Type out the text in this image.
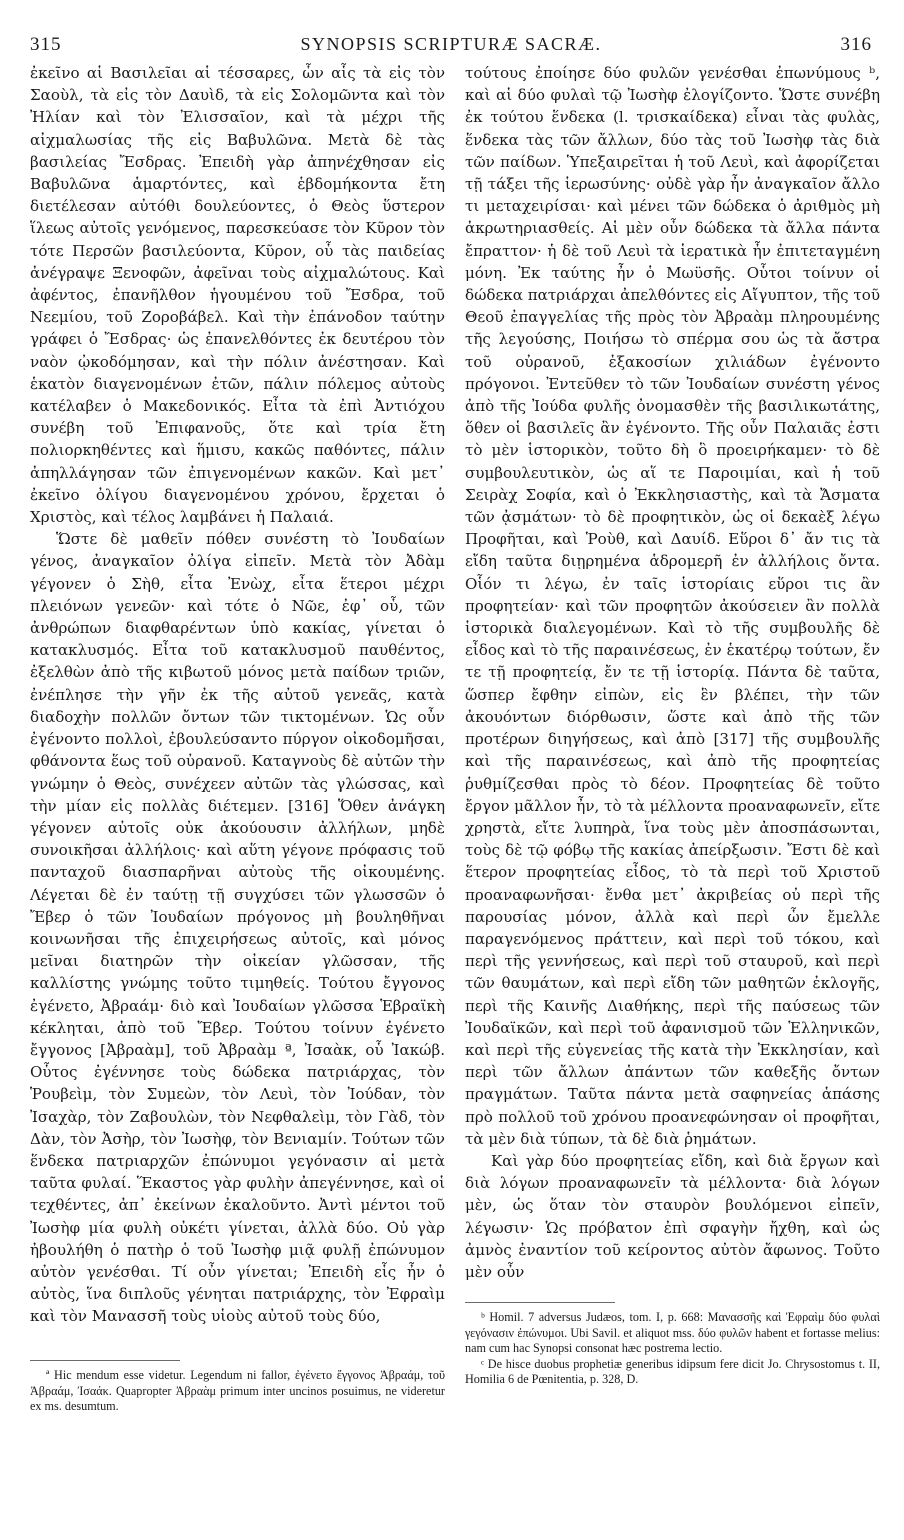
315	SYNOPSIS SCRIPTURÆ SACRÆ.	316

ἐκεῖνο αἱ Βασιλεῖαι αἱ τέσσαρες, ὧν αἷς τὰ εἰς τὸν Σαοὺλ, τὰ εἰς τὸν Δαυὶδ, τὰ εἰς Σολομῶντα καὶ τὸν Ἠλίαν καὶ τὸν Ἐλισσαῖον, καὶ τὰ μέχρι τῆς αἰχμαλωσίας τῆς εἰς Βαβυλῶνα. Μετὰ δὲ τὰς βασιλείας Ἔσδρας. Ἐπειδὴ γὰρ ἀπηνέχθησαν εἰς Βαβυλῶνα ἁμαρτόντες, καὶ ἑβδομήκοντα ἔτη διετέλεσαν αὐτόθι δουλεύοντες, ὁ Θεὸς ὕστερον ἵλεως αὐτοῖς γενόμενος, παρεσκεύασε τὸν Κῦρον τὸν τότε Περσῶν βασιλεύοντα, Κῦρον, οὗ τὰς παιδείας ἀνέγραψε Ξενοφῶν, ἀφεῖναι τοὺς αἰχμαλώτους. Καὶ ἀφέντος, ἐπανῆλθον ἡγουμένου τοῦ Ἔσδρα, τοῦ Νεεμίου, τοῦ Ζοροβάβελ. Καὶ τὴν ἐπάνοδον ταύτην γράφει ὁ Ἔσδρας· ὡς ἐπανελθόντες ἐκ δευτέρου τὸν ναὸν ᾠκοδόμησαν, καὶ τὴν πόλιν ἀνέστησαν. Καὶ ἑκατὸν διαγενομένων ἐτῶν, πάλιν πόλεμος αὐτοὺς κατέλαβεν ὁ Μακεδονικός. Εἶτα τὰ ἐπὶ Ἀντιόχου συνέβη τοῦ Ἐπιφανοῦς, ὅτε καὶ τρία ἔτη πολιορκηθέντες καὶ ἥμισυ, κακῶς παθόντες, πάλιν ἀπηλλάγησαν τῶν ἐπιγενομένων κακῶν. Καὶ μετ᾽ ἐκεῖνο ὀλίγου διαγενομένου χρόνου, ἔρχεται ὁ Χριστὸς, καὶ τέλος λαμβάνει ἡ Παλαιά.

Ὥστε δὲ μαθεῖν πόθεν συνέστη τὸ Ἰουδαίων γένος, ἀναγκαῖον ὀλίγα εἰπεῖν. Μετὰ τὸν Ἀδὰμ γέγονεν ὁ Σὴθ, εἶτα Ἐνὼχ, εἶτα ἕτεροι μέχρι πλειόνων γενεῶν· καὶ τότε ὁ Νῶε, ἐφ᾽ οὗ, τῶν ἀνθρώπων διαφθαρέντων ὑπὸ κακίας, γίνεται ὁ κατακλυσμός. Εἶτα τοῦ κατακλυσμοῦ παυθέντος, ἐξελθὼν ἀπὸ τῆς κιβωτοῦ μόνος μετὰ παίδων τριῶν, ἐνέπλησε τὴν γῆν ἐκ τῆς αὐτοῦ γενεᾶς, κατὰ διαδοχὴν πολλῶν ὄντων τῶν τικτομένων. Ὡς οὖν ἐγένοντο πολλοὶ, ἐβουλεύσαντο πύργον οἰκοδομῆσαι, φθάνοντα ἕως τοῦ οὐρανοῦ. Καταγνοὺς δὲ αὐτῶν τὴν γνώμην ὁ Θεὸς, συνέχεεν αὐτῶν τὰς γλώσσας, καὶ τὴν μίαν εἰς πολλὰς διέτεμεν. [316] Ὅθεν ἀνάγκη γέγονεν αὐτοῖς οὐκ ἀκούουσιν ἀλλήλων, μηδὲ συνοικῆσαι ἀλλήλοις· καὶ αὕτη γέγονε πρόφασις τοῦ πανταχοῦ διασπαρῆναι αὐτοὺς τῆς οἰκουμένης. Λέγεται δὲ ἐν ταύτῃ τῇ συγχύσει τῶν γλωσσῶν ὁ Ἔβερ ὁ τῶν Ἰουδαίων πρόγονος μὴ βουληθῆναι κοινωνῆσαι τῆς ἐπιχειρήσεως αὐτοῖς, καὶ μόνος μεῖναι διατηρῶν τὴν οἰκείαν γλῶσσαν, τῆς καλλίστης γνώμης τοῦτο τιμηθείς. Τούτου ἔγγονος ἐγένετο, Ἀβραάμ· διὸ καὶ Ἰουδαίων γλῶσσα Ἑβραϊκὴ κέκληται, ἀπὸ τοῦ Ἔβερ. Τούτου τοίνυν ἐγένετο ἔγγονος [Ἀβραὰμ], τοῦ Ἀβραὰμ ª, Ἰσαὰκ, οὗ Ἰακώβ. Οὗτος ἐγέννησε τοὺς δώδεκα πατριάρχας, τὸν Ῥουβεὶμ, τὸν Συμεὼν, τὸν Λευὶ, τὸν Ἰούδαν, τὸν Ἰσαχὰρ, τὸν Ζαβουλὼν, τὸν Νεφθαλεὶμ, τὸν Γὰδ, τὸν Δὰν, τὸν Ἀσὴρ, τὸν Ἰωσὴφ, τὸν Βενιαμίν. Τούτων τῶν ἕνδεκα πατριαρχῶν ἐπώνυμοι γεγόνασιν αἱ μετὰ ταῦτα φυλαί. Ἕκαστος γὰρ φυλὴν ἀπεγέννησε, καὶ οἱ τεχθέντες, ἀπ᾽ ἐκείνων ἐκαλοῦντο. Ἀντὶ μέντοι τοῦ Ἰωσὴφ μία φυλὴ οὐκέτι γίνεται, ἀλλὰ δύο. Οὐ γὰρ ἠβουλήθη ὁ πατὴρ ὁ τοῦ Ἰωσὴφ μιᾷ φυλῇ ἐπώνυμον αὐτὸν γενέσθαι. Τί οὖν γίνεται; Ἐπειδὴ εἷς ἦν ὁ αὐτὸς, ἵνα διπλοῦς γένηται πατριάρχης, τὸν Ἐφραὶμ καὶ τὸν Μανασσῆ τοὺς υἱοὺς αὐτοῦ τοὺς δύο,

τούτους ἐποίησε δύο φυλῶν γενέσθαι ἐπωνύμους ᵇ, καὶ αἱ δύο φυλαὶ τῷ Ἰωσὴφ ἐλογίζοντο. Ὥστε συνέβη ἐκ τούτου ἕνδεκα (l. τρισκαίδεκα) εἶναι τὰς φυλὰς, ἕνδεκα τὰς τῶν ἄλλων, δύο τὰς τοῦ Ἰωσὴφ τὰς διὰ τῶν παίδων. Ὑπεξαιρεῖται ἡ τοῦ Λευὶ, καὶ ἀφορίζεται τῇ τάξει τῆς ἱερωσύνης· οὐδὲ γὰρ ἦν ἀναγκαῖον ἄλλο τι μεταχειρίσαι· καὶ μένει τῶν δώδεκα ὁ ἀριθμὸς μὴ ἀκρωτηριασθείς. Αἱ μὲν οὖν δώδεκα τὰ ἄλλα πάντα ἔπραττον· ἡ δὲ τοῦ Λευὶ τὰ ἱερατικὰ ἦν ἐπιτεταγμένη μόνη. Ἐκ ταύτης ἦν ὁ Μωϋσῆς. Οὗτοι τοίνυν οἱ δώδεκα πατριάρχαι ἀπελθόντες εἰς Αἴγυπτον, τῆς τοῦ Θεοῦ ἐπαγγελίας τῆς πρὸς τὸν Ἀβραὰμ πληρουμένης τῆς λεγούσης, Ποιήσω τὸ σπέρμα σου ὡς τὰ ἄστρα τοῦ οὐρανοῦ, ἑξακοσίων χιλιάδων ἐγένοντο πρόγονοι. Ἐντεῦθεν τὸ τῶν Ἰουδαίων συνέστη γένος ἀπὸ τῆς Ἰούδα φυλῆς ὀνομασθὲν τῆς βασιλικωτάτης, ὅθεν οἱ βασιλεῖς ἂν ἐγένοντο. Τῆς οὖν Παλαιᾶς ἐστι τὸ μὲν ἱστορικὸν, τοῦτο δὴ ὃ προειρήκαμεν· τὸ δὲ συμβουλευτικὸν, ὡς αἵ τε Παροιμίαι, καὶ ἡ τοῦ Σειρὰχ Σοφία, καὶ ὁ Ἐκκλησιαστὴς, καὶ τὰ Ἄσματα τῶν ᾀσμάτων· τὸ δὲ προφητικὸν, ὡς οἱ δεκαὲξ λέγω Προφῆται, καὶ Ῥοὺθ, καὶ Δαυίδ. Εὕροι δ᾽ ἄν τις τὰ εἴδη ταῦτα διῃρημένα ἁδρομερῆ ἐν ἀλλήλοις ὄντα. Οἷόν τι λέγω, ἐν ταῖς ἱστορίαις εὕροι τις ἂν προφητείαν· καὶ τῶν προφητῶν ἀκούσειεν ἂν πολλὰ ἱστορικὰ διαλεγομένων. Καὶ τὸ τῆς συμβουλῆς δὲ εἶδος καὶ τὸ τῆς παραινέσεως, ἐν ἑκατέρῳ τούτων, ἔν τε τῇ προφητείᾳ, ἔν τε τῇ ἱστορίᾳ. Πάντα δὲ ταῦτα, ὥσπερ ἔφθην εἰπὼν, εἰς ἓν βλέπει, τὴν τῶν ἀκουόντων διόρθωσιν, ὥστε καὶ ἀπὸ τῆς τῶν προτέρων διηγήσεως, καὶ ἀπὸ [317] τῆς συμβουλῆς καὶ τῆς παραινέσεως, καὶ ἀπὸ τῆς προφητείας ῥυθμίζεσθαι πρὸς τὸ δέον. Προφητείας δὲ τοῦτο ἔργον μᾶλλον ἦν, τὸ τὰ μέλλοντα προαναφωνεῖν, εἴτε χρηστὰ, εἴτε λυπηρὰ, ἵνα τοὺς μὲν ἀποσπάσωνται, τοὺς δὲ τῷ φόβῳ τῆς κακίας ἀπείρξωσιν. Ἔστι δὲ καὶ ἕτερον προφητείας εἶδος, τὸ τὰ περὶ τοῦ Χριστοῦ προαναφωνῆσαι· ἔνθα μετ᾽ ἀκριβείας οὐ περὶ τῆς παρουσίας μόνον, ἀλλὰ καὶ περὶ ὧν ἔμελλε παραγενόμενος πράττειν, καὶ περὶ τοῦ τόκου, καὶ περὶ τῆς γεννήσεως, καὶ περὶ τοῦ σταυροῦ, καὶ περὶ τῶν θαυμάτων, καὶ περὶ εἴδη τῶν μαθητῶν ἐκλογῆς, περὶ τῆς Καινῆς Διαθήκης, περὶ τῆς παύσεως τῶν Ἰουδαϊκῶν, καὶ περὶ τοῦ ἀφανισμοῦ τῶν Ἑλληνικῶν, καὶ περὶ τῆς εὐγενείας τῆς κατὰ τὴν Ἐκκλησίαν, καὶ περὶ τῶν ἄλλων ἁπάντων τῶν καθεξῆς ὄντων πραγμάτων. Ταῦτα πάντα μετὰ σαφηνείας ἁπάσης πρὸ πολλοῦ τοῦ χρόνου προανεφώνησαν οἱ προφῆται, τὰ μὲν διὰ τύπων, τὰ δὲ διὰ ῥημάτων.

Καὶ γὰρ δύο προφητείας εἴδη, καὶ διὰ ἔργων καὶ διὰ λόγων προαναφωνεῖν τὰ μέλλοντα· διὰ λόγων μὲν, ὡς ὅταν τὸν σταυρὸν βουλόμενοι εἰπεῖν, λέγωσιν· Ὡς πρόβατον ἐπὶ σφαγὴν ἤχθη, καὶ ὡς ἀμνὸς ἐναντίον τοῦ κείροντος αὐτὸν ἄφωνος. Τοῦτο μὲν οὖν

ª Hic mendum esse videtur. Legendum ni fallor, ἐγένετο ἔγγονος Ἀβραάμ, τοῦ Ἀβραάμ, Ἰσαάκ. Quapropter Ἀβραὰμ primum inter uncinos posuimus, ne videretur ex ms. desumtum.

ᵇ Homil. 7 adversus Judæos, tom. I, p. 668: Μανασσῆς καὶ Ἐφραὶμ δύο φυλαὶ γεγόνασιν ἐπώνυμοι. Ubi Savil. et aliquot mss. δύο φυλῶν habent et fortasse melius: nam cum hac Synopsi consonat hæc postrema lectio.

ᶜ De hisce duobus prophetiæ generibus idipsum fere dicit Jo. Chrysostomus t. II, Homilia 6 de Pœnitentia, p. 328, D.
